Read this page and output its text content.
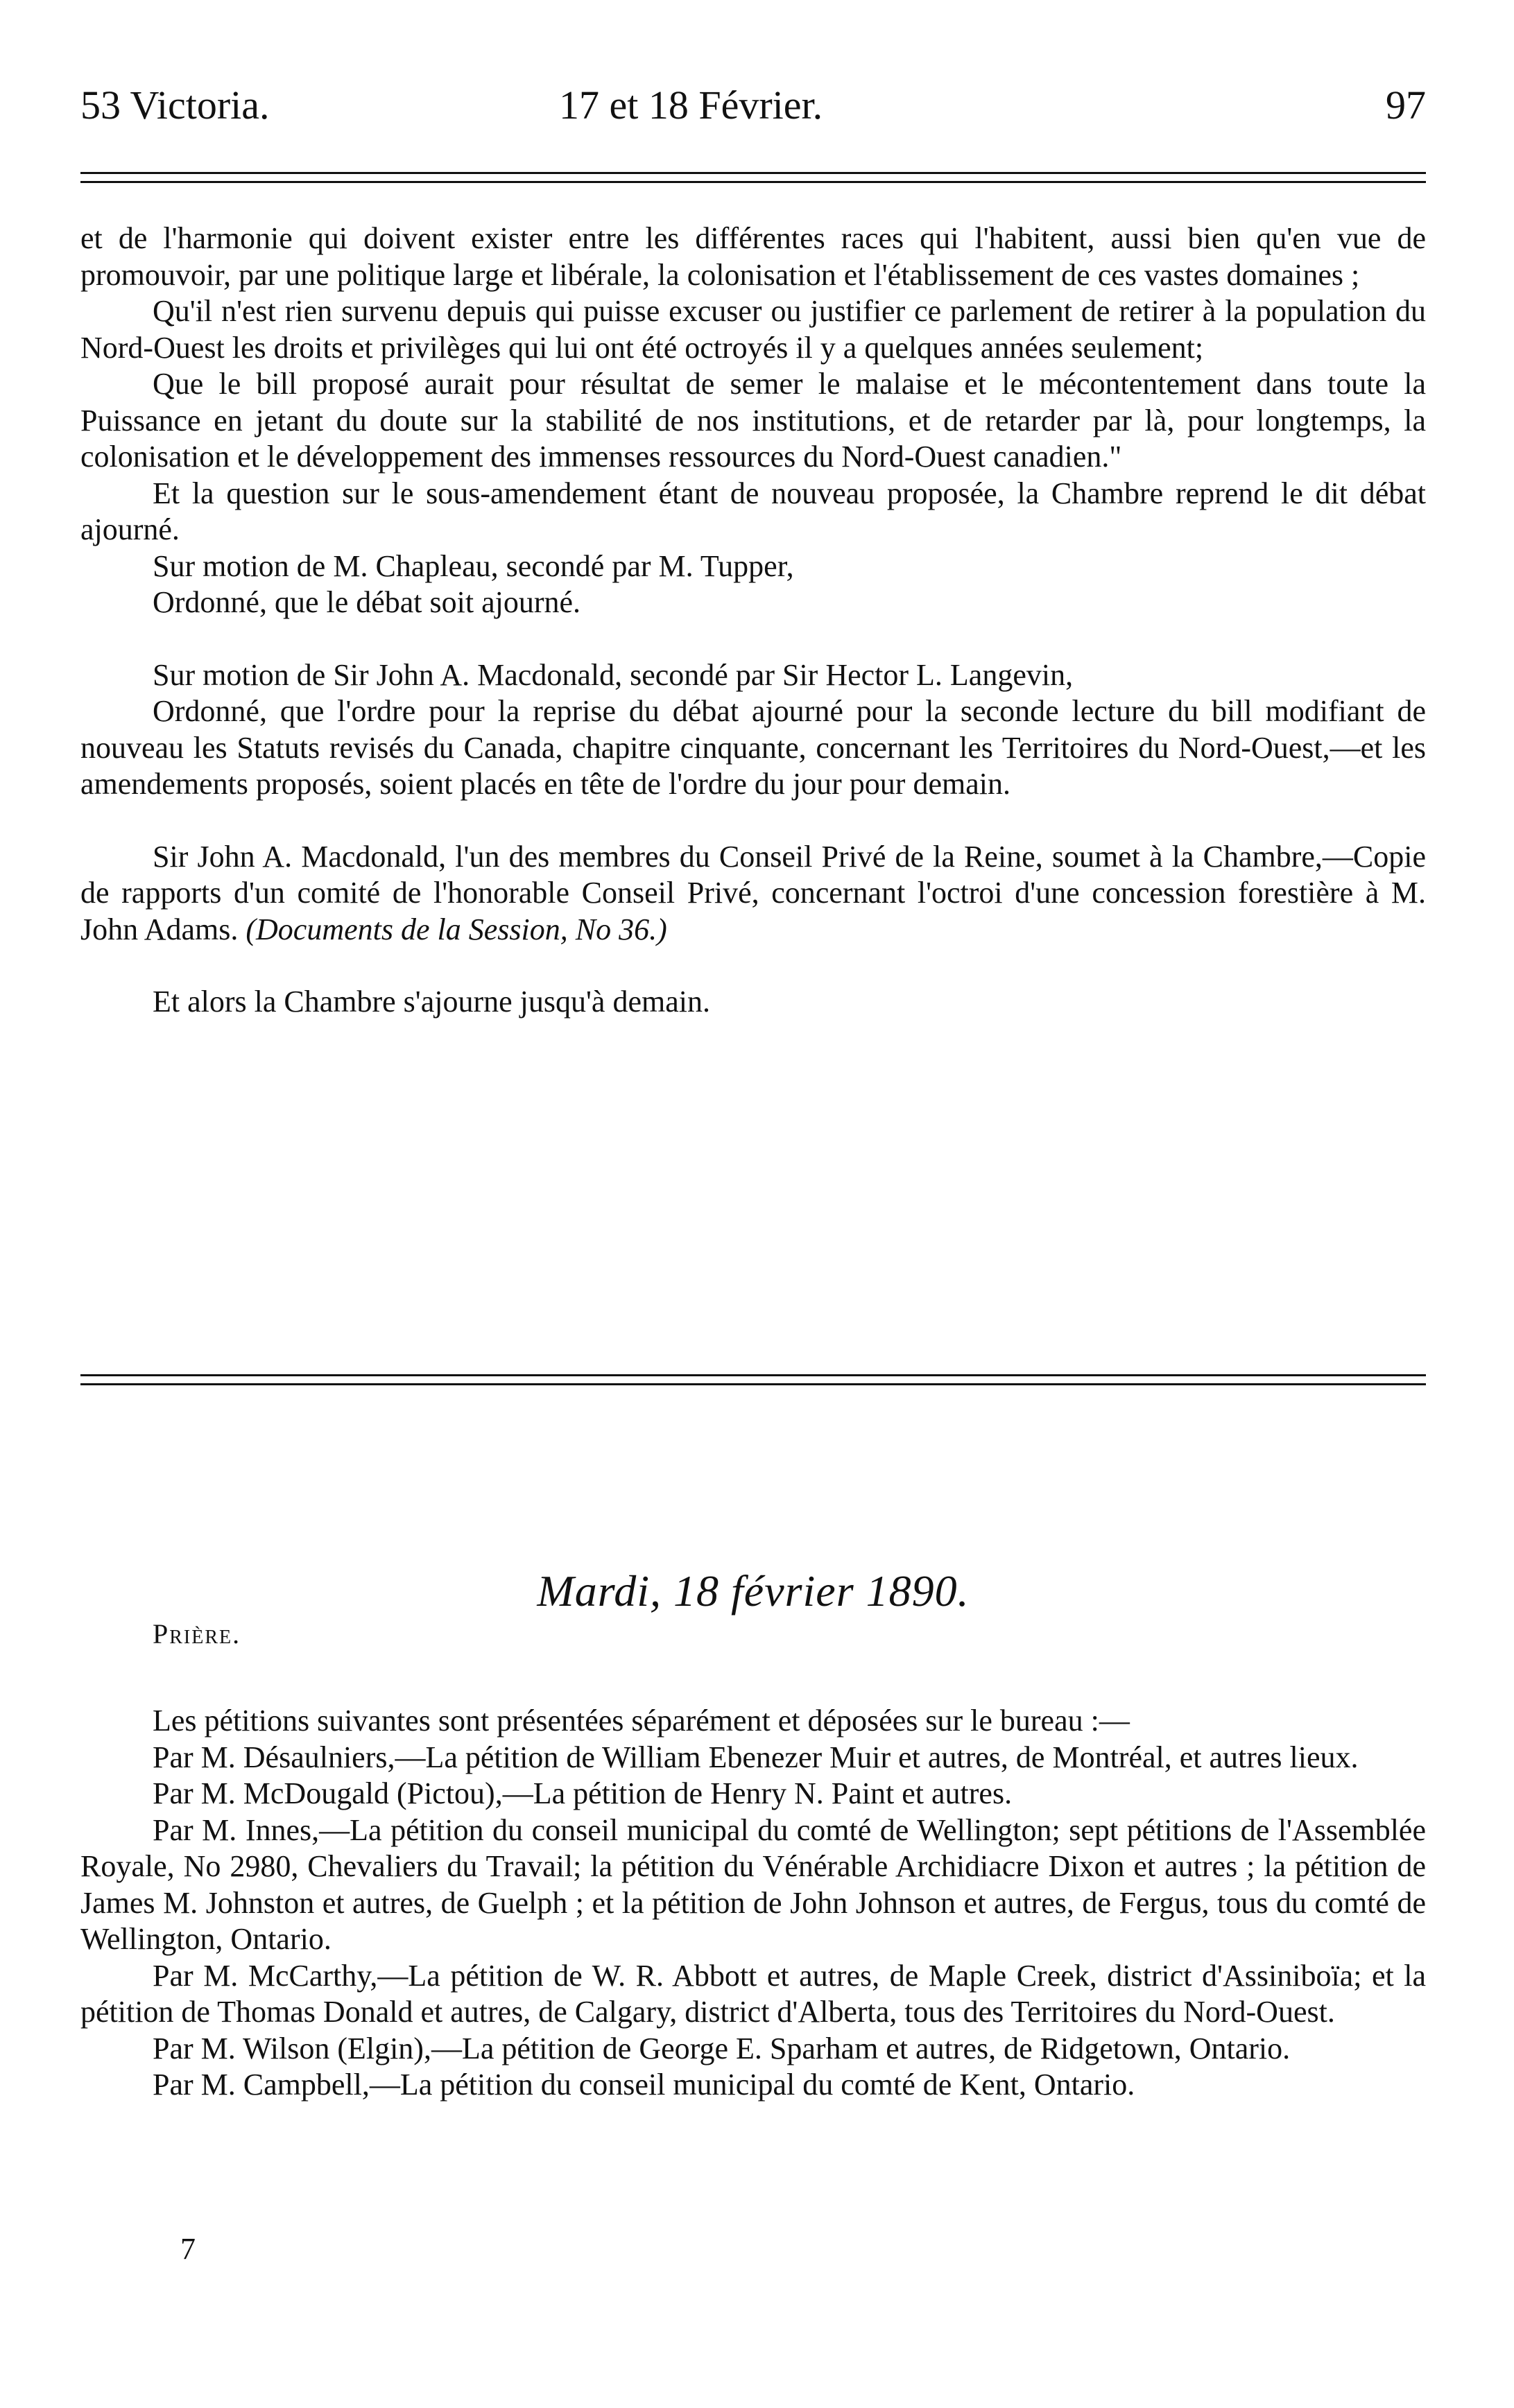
53 Victoria.	17 et 18 Février.	97

et de l'harmonie qui doivent exister entre les différentes races qui l'habitent, aussi bien qu'en vue de promouvoir, par une politique large et libérale, la colonisation et l'établissement de ces vastes domaines ;

Qu'il n'est rien survenu depuis qui puisse excuser ou justifier ce parlement de retirer à la population du Nord-Ouest les droits et privilèges qui lui ont été octroyés il y a quelques années seulement;

Que le bill proposé aurait pour résultat de semer le malaise et le mécontentement dans toute la Puissance en jetant du doute sur la stabilité de nos institutions, et de retarder par là, pour longtemps, la colonisation et le développement des immenses ressources du Nord-Ouest canadien."

Et la question sur le sous-amendement étant de nouveau proposée, la Chambre reprend le dit débat ajourné.

Sur motion de M. Chapleau, secondé par M. Tupper,

Ordonné, que le débat soit ajourné.

Sur motion de Sir John A. Macdonald, secondé par Sir Hector L. Langevin,

Ordonné, que l'ordre pour la reprise du débat ajourné pour la seconde lecture du bill modifiant de nouveau les Statuts revisés du Canada, chapitre cinquante, concernant les Territoires du Nord-Ouest,—et les amendements proposés, soient placés en tête de l'ordre du jour pour demain.

Sir John A. Macdonald, l'un des membres du Conseil Privé de la Reine, soumet à la Chambre,—Copie de rapports d'un comité de l'honorable Conseil Privé, concernant l'octroi d'une concession forestière à M. John Adams. (Documents de la Session, No 36.)

Et alors la Chambre s'ajourne jusqu'à demain.

Mardi, 18 février 1890.
Prière.

Les pétitions suivantes sont présentées séparément et déposées sur le bureau :—

Par M. Désaulniers,—La pétition de William Ebenezer Muir et autres, de Montréal, et autres lieux.

Par M. McDougald (Pictou),—La pétition de Henry N. Paint et autres.

Par M. Innes,—La pétition du conseil municipal du comté de Wellington; sept pétitions de l'Assemblée Royale, No 2980, Chevaliers du Travail; la pétition du Vénérable Archidiacre Dixon et autres ; la pétition de James M. Johnston et autres, de Guelph ; et la pétition de John Johnson et autres, de Fergus, tous du comté de Wellington, Ontario.

Par M. McCarthy,—La pétition de W. R. Abbott et autres, de Maple Creek, district d'Assiniboïa; et la pétition de Thomas Donald et autres, de Calgary, district d'Alberta, tous des Territoires du Nord-Ouest.

Par M. Wilson (Elgin),—La pétition de George E. Sparham et autres, de Ridgetown, Ontario.

Par M. Campbell,—La pétition du conseil municipal du comté de Kent, Ontario.

7
